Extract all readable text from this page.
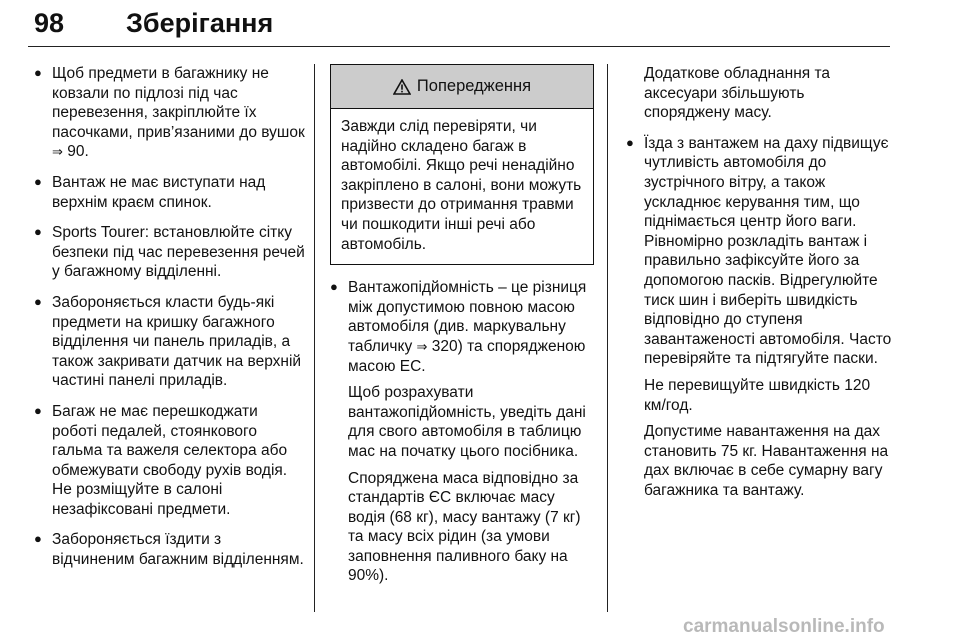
98 Зберігання
● Щоб предмети в багажнику не ковзали по підлозі під час перевезення, закріплюйте їх пасочками, прив’язаними до вушок ⇒ 90.
● Вантаж не має виступати над верхнім краєм спинок.
● Sports Tourer: встановлюйте сітку безпеки під час перевезення речей у багажному відділенні.
● Забороняється класти будь-які предмети на кришку багажного відділення чи панель приладів, а також закривати датчик на верхній частині панелі приладів.
● Багаж не має перешкоджати роботі педалей, стоянкового гальма та важеля селектора або обмежувати свободу рухів водія. Не розміщуйте в салоні незафіксовані предмети.
● Забороняється їздити з відчиненим багажним відділенням.
Попередження
Завжди слід перевіряти, чи надійно складено багаж в автомобілі. Якщо речі ненадійно закріплено в салоні, вони можуть призвести до отримання травми чи пошкодити інші речі або автомобіль.
● Вантажопідйомність – це різниця між допустимою повною масою автомобіля (див. маркувальну табличку ⇒ 320) та спорядженою масою ЕС.

Щоб розрахувати вантажопідйомність, уведіть дані для свого автомобіля в таблицю мас на початку цього посібника.

Споряджена маса відповідно за стандартів ЄС включає масу водія (68 кг), масу вантажу (7 кг) та масу всіх рідин (за умови заповнення паливного баку на 90%).

Додаткове обладнання та аксесуари збільшують споряджену масу.

● Їзда з вантажем на даху підвищує чутливість автомобіля до зустрічного вітру, а також ускладнює керування тим, що піднімається центр його ваги. Рівномірно розкладіть вантаж і правильно зафіксуйте його за допомогою пасків. Відрегулюйте тиск шин і виберіть швидкість відповідно до ступеня завантаженості автомобіля. Часто перевіряйте та підтягуйте паски.

Не перевищуйте швидкість 120 км/год.

Допустиме навантаження на дах становить 75 кг. Навантаження на дах включає в себе сумарну вагу багажника та вантажу.

carmanualsonline.info
